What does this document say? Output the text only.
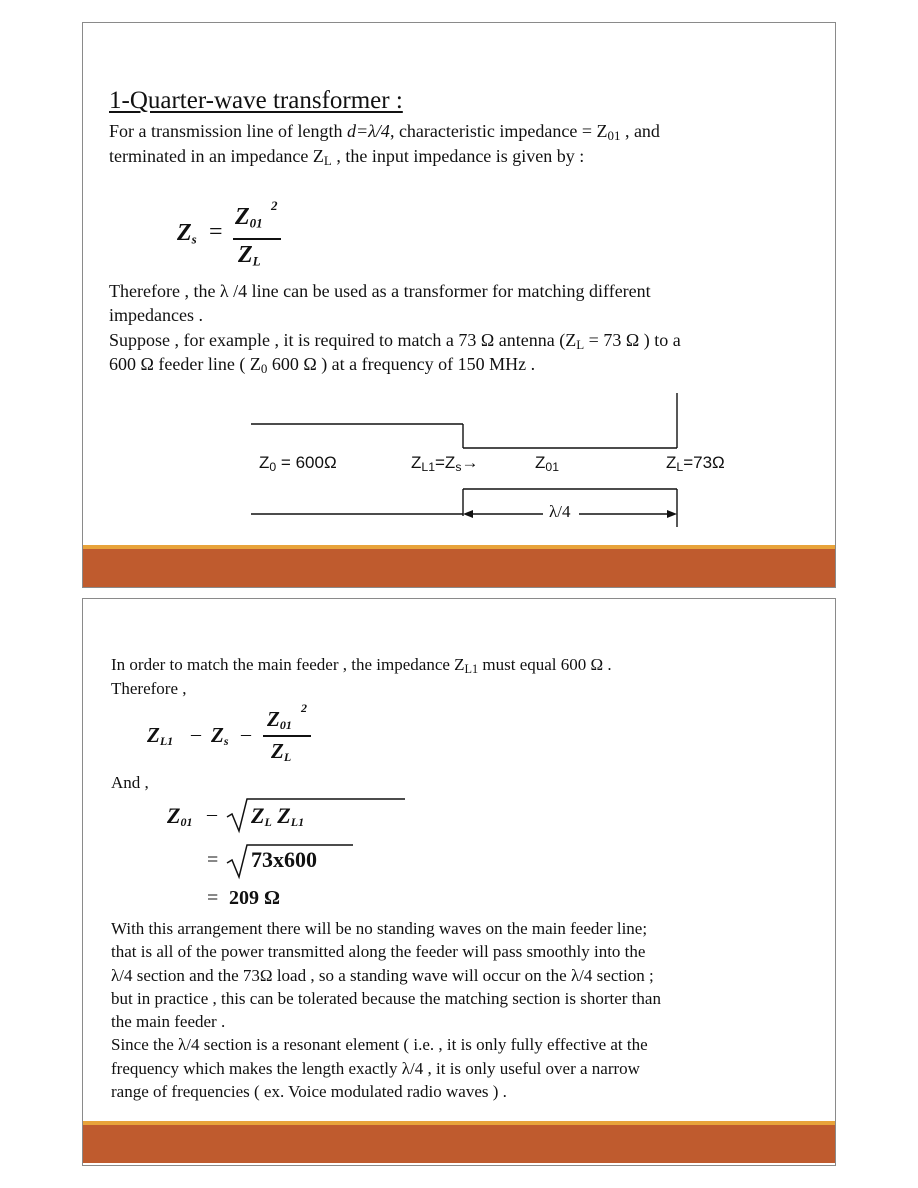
1-Quarter-wave transformer :
For a transmission line of length d=λ/4, characteristic impedance = $Z_{01}$ , and
terminated in an impedance $Z_L$ , the input impedance is given by :
$Z_s$ =
$Z_{01}$
2
$Z_L$
Therefore , the λ /4 line can be used as a transformer for matching different
impedances .
Suppose , for example , it is required to match a 73 Ω antenna ($Z_L = 73$ Ω ) to a
600 Ω feeder line ( $Z_0$ 600 Ω ) at a frequency of 150 MHz .
$Z_0 = 600\Omega$	$Z_{L1}=Z_s\to$	$Z_{01}$	$Z_L=73\Omega$
λ/4
In order to match the main feeder , the impedance $Z_{L1}$ must equal 600 Ω .
Therefore ,
$Z_{L1} - Z_s$ –
$Z_{01}$
2
$Z_L$
And ,
$Z_{01} - Z_L$ $Z_{L1}$
= 73x600
= 209 Ω
With this arrangement there will be no standing waves on the main feeder line;
that is all of the power transmitted along the feeder will pass smoothly into the
λ/4 section and the 73Ω load , so a standing wave will occur on the λ/4 section ;
but in practice , this can be tolerated because the matching section is shorter than
the main feeder .
Since the λ/4 section is a resonant element ( i.e. , it is only fully effective at the
frequency which makes the length exactly λ/4 , it is only useful over a narrow
range of frequencies ( ex. Voice modulated radio waves ) .
